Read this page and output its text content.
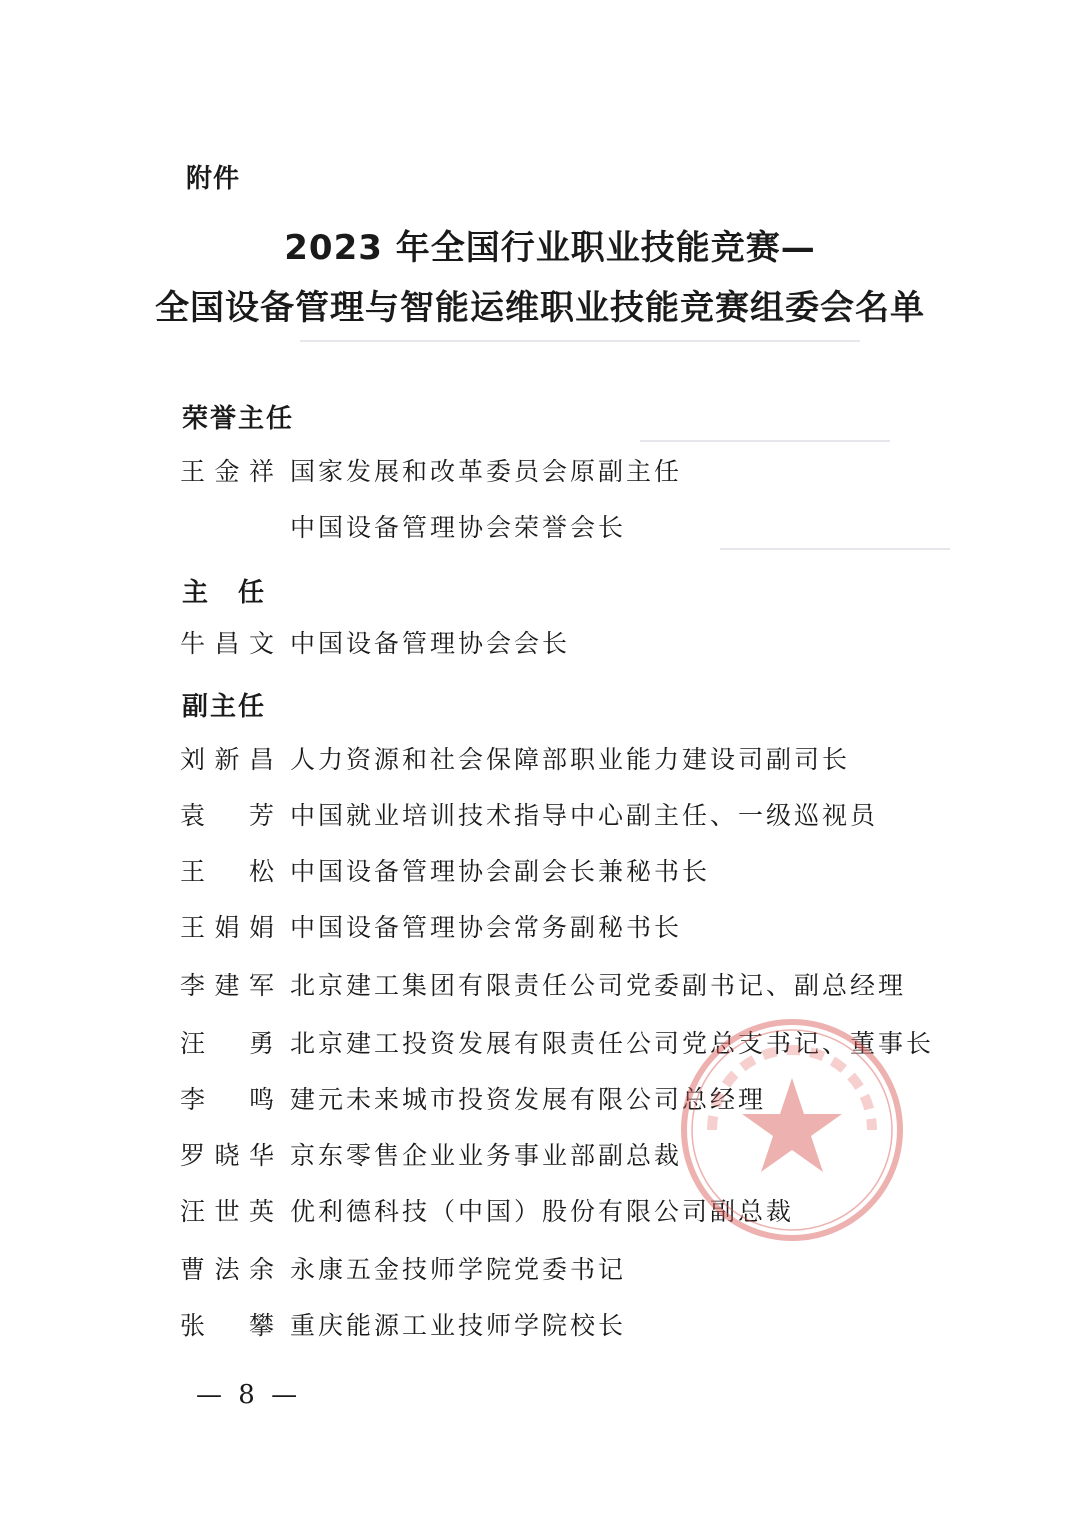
附件
2023 年全国行业职业技能竞赛—
全国设备管理与智能运维职业技能竞赛组委会名单
荣誉主任
王金祥 国家发展和改革委员会原副主任
中国设备管理协会荣誉会长
主　任
牛昌文 中国设备管理协会会长
副主任
刘新昌 人力资源和社会保障部职业能力建设司副司长
袁　芳 中国就业培训技术指导中心副主任、一级巡视员
王　松 中国设备管理协会副会长兼秘书长
王娟娟 中国设备管理协会常务副秘书长
李建军 北京建工集团有限责任公司党委副书记、副总经理
汪　勇 北京建工投资发展有限责任公司党总支书记、董事长
李　鸣 建元未来城市投资发展有限公司总经理
罗晓华 京东零售企业业务事业部副总裁
汪世英 优利德科技（中国）股份有限公司副总裁
曹法余 永康五金技师学院党委书记
张　攀 重庆能源工业技师学院校长
— 8 —
